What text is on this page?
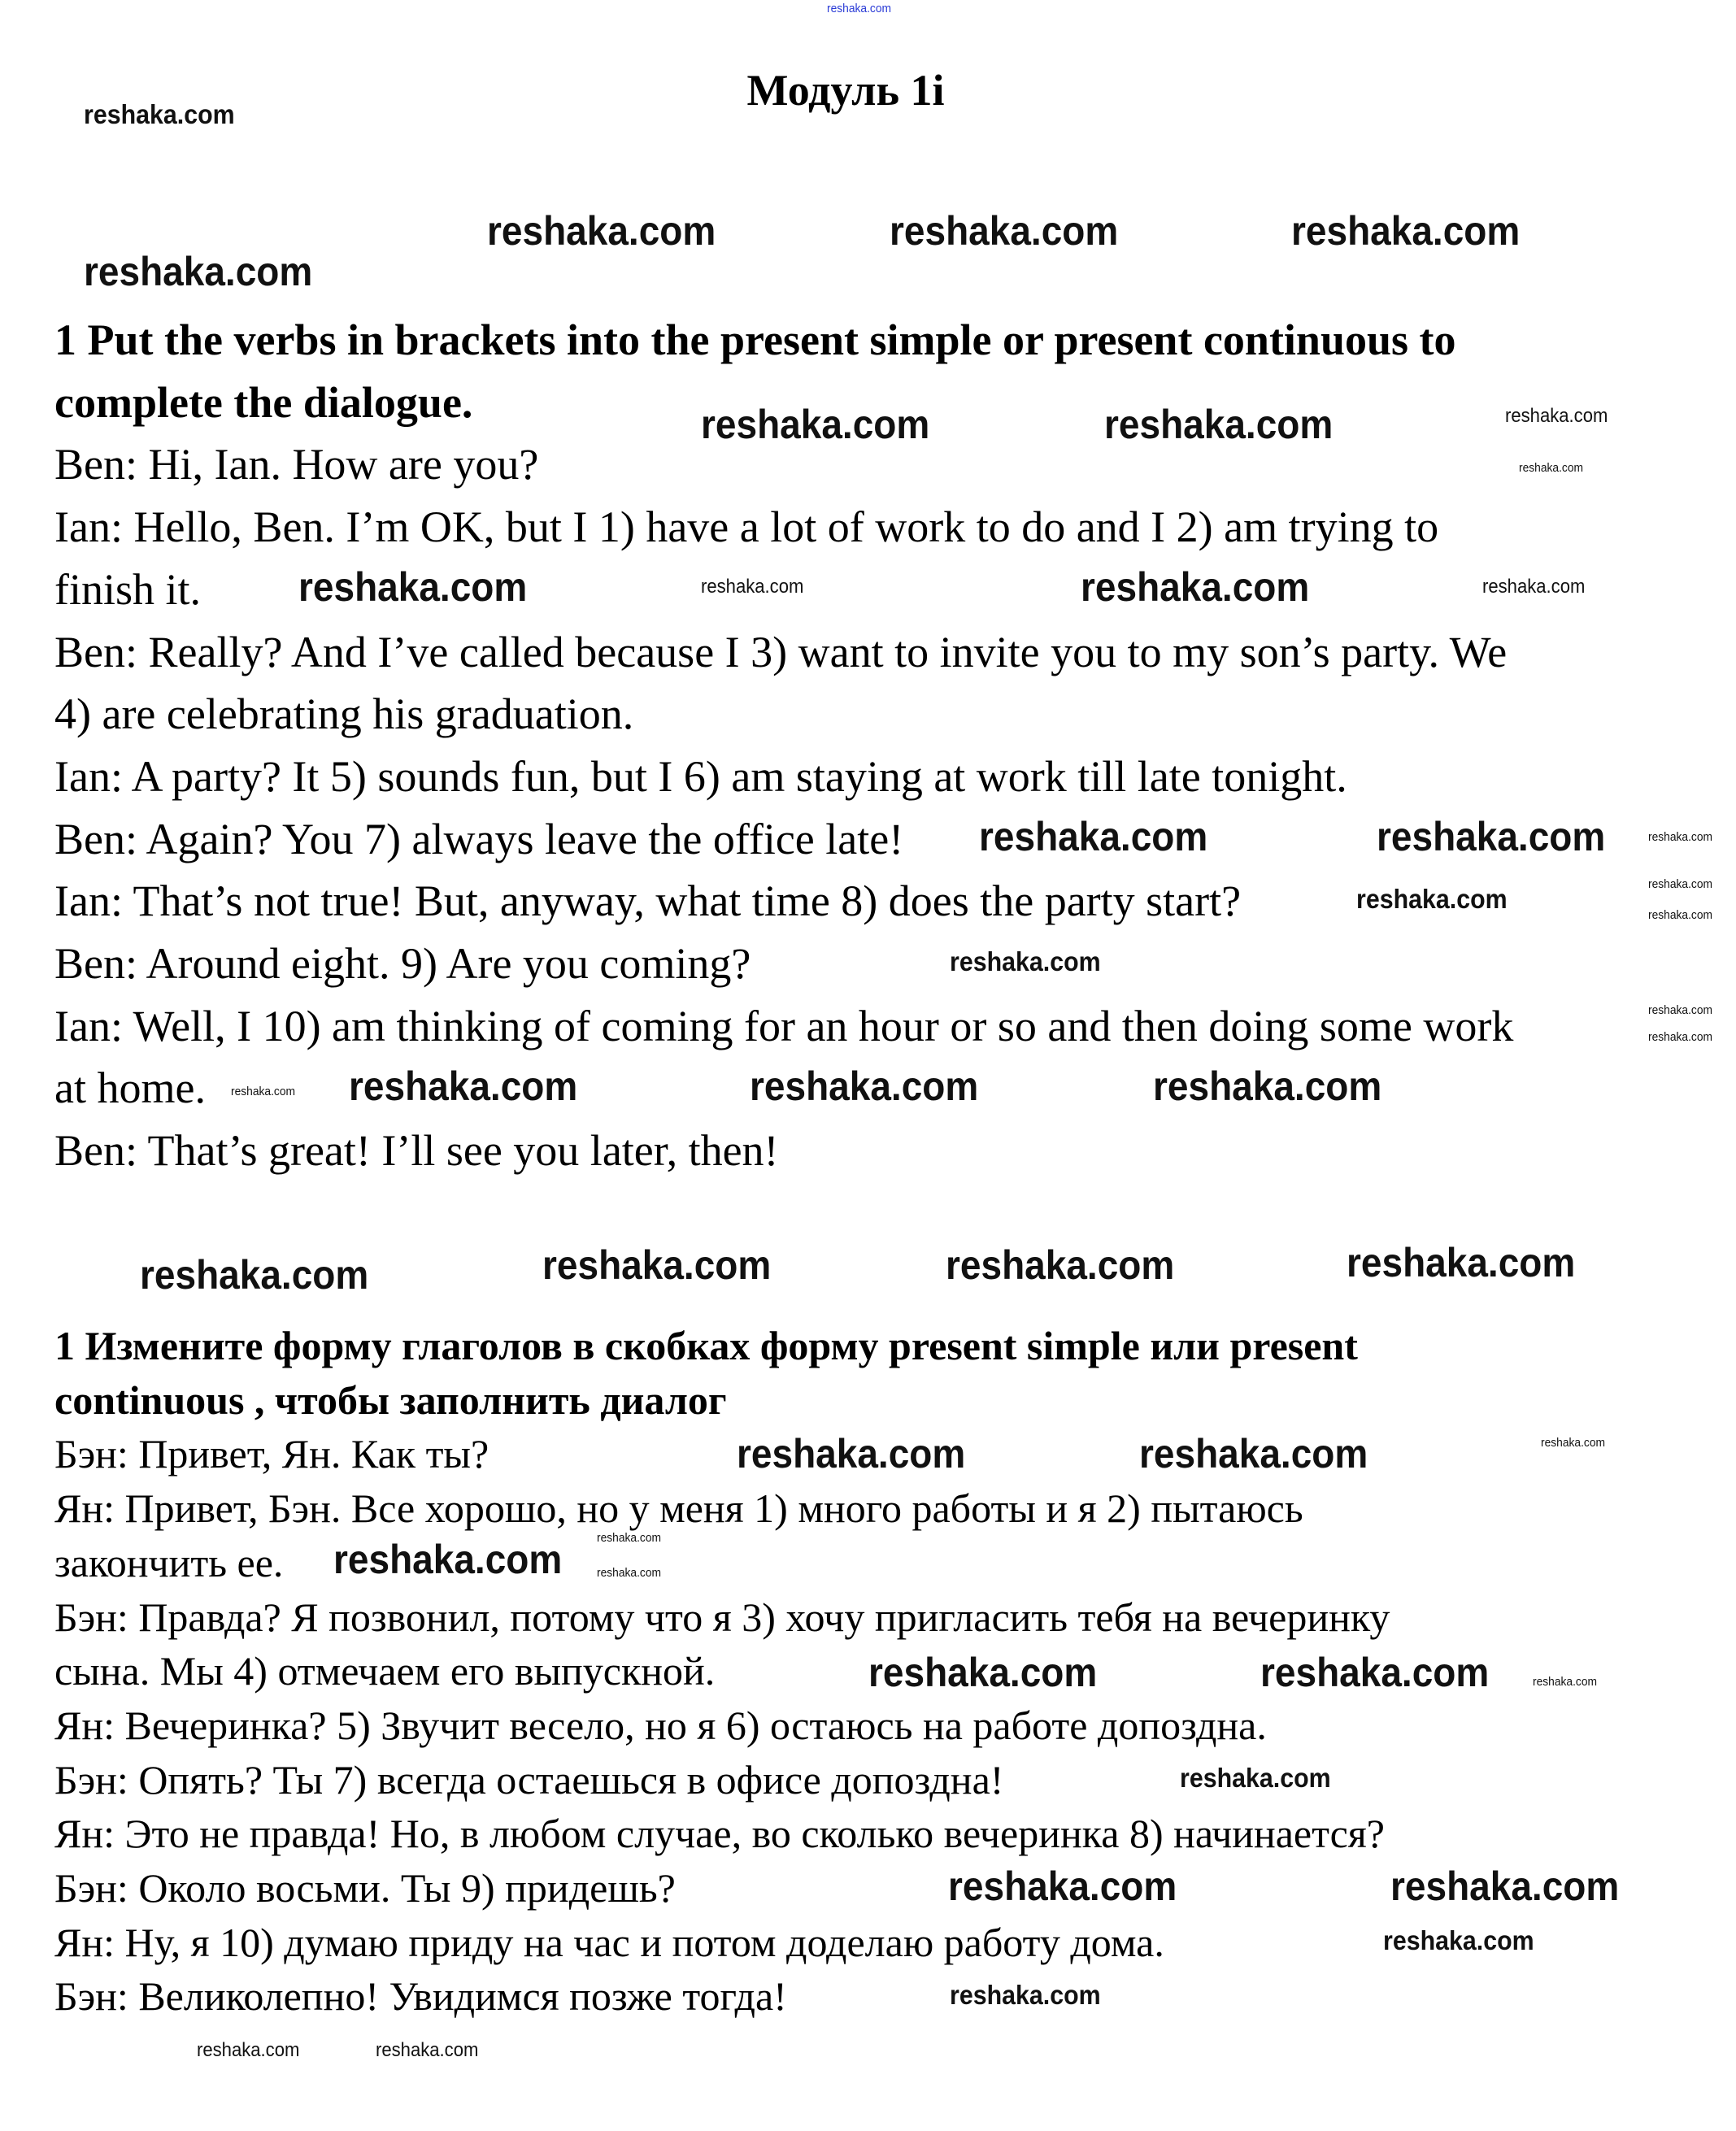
Модуль 1i
1 Put the verbs in brackets into the present simple or present continuous to
complete the dialogue.
Ben: Hi, Ian. How are you?
Ian: Hello, Ben. I’m OK, but I 1) have a lot of work to do and I 2) am trying to
finish it.
Ben: Really? And I’ve called because I 3) want to invite you to my son’s party. We
4) are celebrating his graduation.
Ian: A party? It 5) sounds fun, but I 6) am staying at work till late tonight.
Ben: Again? You 7) always leave the office late!
Ian: That’s not true! But, anyway, what time 8) does the party start?
Ben: Around eight. 9) Are you coming?
Ian: Well, I 10) am thinking of coming for an hour or so and then doing some work
at home.
Ben: That’s great! I’ll see you later, then!
1 Измените форму глаголов в скобках форму present simple или present
continuous , чтобы заполнить диалог
Бэн: Привет, Ян. Как ты?
Ян: Привет, Бэн. Все хорошо, но у меня 1) много работы и я 2) пытаюсь
закончить ее.
Бэн: Правда? Я позвонил, потому что я 3) хочу пригласить тебя на вечеринку
сына. Мы 4) отмечаем его выпускной.
Ян: Вечеринка? 5) Звучит весело, но я 6) остаюсь на работе допоздна.
Бэн: Опять? Ты 7) всегда остаешься в офисе допоздна!
Ян: Это не правда! Но, в любом случае, во сколько вечеринка 8) начинается?
Бэн: Около восьми. Ты 9) придешь?
Ян: Ну, я 10) думаю приду на час и потом доделаю работу дома.
Бэн: Великолепно! Увидимся позже тогда!
reshaka.com
reshaka.com
reshaka.com	reshaka.com	reshaka.com
reshaka.com
reshaka.com	reshaka.com	reshaka.com
reshaka.com
reshaka.com	reshaka.com	reshaka.com	reshaka.com
reshaka.com	reshaka.com	reshaka.com
reshaka.com	reshaka.com
reshaka.com
reshaka.com
reshaka.com
reshaka.com
reshaka.com	reshaka.com	reshaka.com
reshaka.com
reshaka.com	reshaka.com	reshaka.com
reshaka.com
reshaka.com	reshaka.com	reshaka.com
reshaka.com
reshaka.com	reshaka.com
reshaka.com	reshaka.com	reshaka.com
reshaka.com
reshaka.com	reshaka.com
reshaka.com
reshaka.com
reshaka.com	reshaka.com
